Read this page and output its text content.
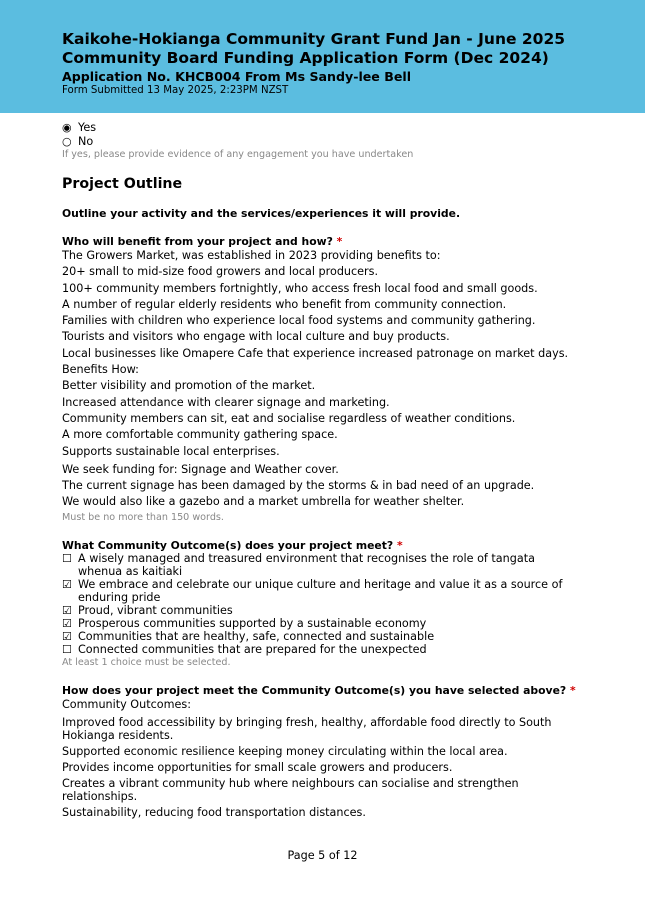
Kaikohe-Hokianga Community Grant Fund Jan - June 2025
Community Board Funding Application Form (Dec 2024)
Application No. KHCB004 From Ms Sandy-lee Bell
Form Submitted 13 May 2025, 2:23PM NZST
◉ Yes
○ No
If yes, please provide evidence of any engagement you have undertaken
Project Outline
Outline your activity and the services/experiences it will provide.
Who will benefit from your project and how? *
The Growers Market, was established in 2023 providing benefits to:
20+ small to mid-size food growers and local producers.
100+ community members fortnightly, who access fresh local food and small goods.
A number of regular elderly residents who benefit from community connection.
Families with children who experience local food systems and community gathering.
Tourists and visitors who engage with local culture and buy products.
Local businesses like Omapere Cafe that experience increased patronage on market days.
Benefits How:
Better visibility and promotion of the market.
Increased attendance with clearer signage and marketing.
Community members can sit, eat and socialise regardless of weather conditions.
A more comfortable community gathering space.
Supports sustainable local enterprises.
We seek funding for: Signage and Weather cover.
The current signage has been damaged by the storms & in bad need of an upgrade.
We would also like a gazebo and a market umbrella for weather shelter.
Must be no more than 150 words.
What Community Outcome(s) does your project meet? *
☐ A wisely managed and treasured environment that recognises the role of tangata whenua as kaitiaki
☑ We embrace and celebrate our unique culture and heritage and value it as a source of enduring pride
☑ Proud, vibrant communities
☑ Prosperous communities supported by a sustainable economy
☑ Communities that are healthy, safe, connected and sustainable
☐ Connected communities that are prepared for the unexpected
At least 1 choice must be selected.
How does your project meet the Community Outcome(s) you have selected above? *
Community Outcomes:
Improved food accessibility by bringing fresh, healthy, affordable food directly to South Hokianga residents.
Supported economic resilience keeping money circulating within the local area.
Provides income opportunities for small scale growers and producers.
Creates a vibrant community hub where neighbours can socialise and strengthen relationships.
Sustainability, reducing food transportation distances.
Page 5 of 12
